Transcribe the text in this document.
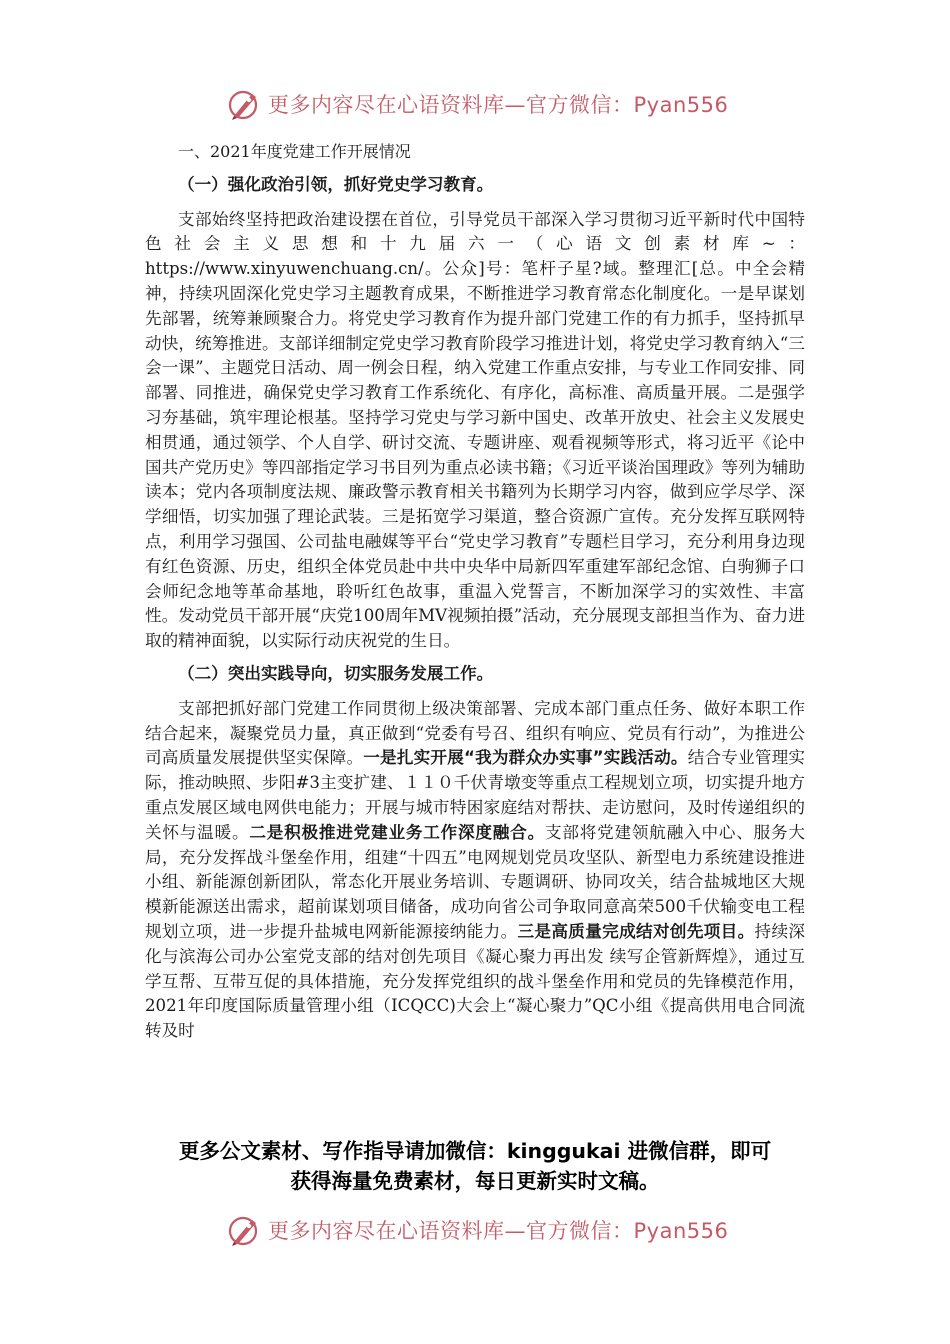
更多内容尽在心语资料库—官方微信：Pyan556

一、2021年度党建工作开展情况

（一）强化政治引领，抓好党史学习教育。

支部始终坚持把政治建设摆在首位，引导党员干部深入学习贯彻习近平新时代中国特色社会主义思想和十九届六一（心语文创素材库~：https://www.xinyuwenchuang.cn/。公众]号：笔杆子星?域。整理汇[总。中全会精神，持续巩固深化党史学习主题教育成果，不断推进学习教育常态化制度化。一是早谋划先部署，统筹兼顾聚合力。将党史学习教育作为提升部门党建工作的有力抓手，坚持抓早动快，统筹推进。支部详细制定党史学习教育阶段学习推进计划，将党史学习教育纳入“三会一课”、主题党日活动、周一例会日程，纳入党建工作重点安排，与专业工作同安排、同部署、同推进，确保党史学习教育工作系统化、有序化，高标准、高质量开展。二是强学习夯基础，筑牢理论根基。坚持学习党史与学习新中国史、改革开放史、社会主义发展史相贯通，通过领学、个人自学、研讨交流、专题讲座、观看视频等形式，将习近平《论中国共产党历史》等四部指定学习书目列为重点必读书籍；《习近平谈治国理政》等列为辅助读本；党内各项制度法规、廉政警示教育相关书籍列为长期学习内容，做到应学尽学、深学细悟，切实加强了理论武装。三是拓宽学习渠道，整合资源广宣传。充分发挥互联网特点，利用学习强国、公司盐电融媒等平台“党史学习教育”专题栏目学习，充分利用身边现有红色资源、历史，组织全体党员赴中共中央华中局新四军重建军部纪念馆、白驹狮子口会师纪念地等革命基地，聆听红色故事，重温入党誓言，不断加深学习的实效性、丰富性。发动党员干部开展“庆党100周年MV视频拍摄”活动，充分展现支部担当作为、奋力进取的精神面貌，以实际行动庆祝党的生日。

（二）突出实践导向，切实服务发展工作。

支部把抓好部门党建工作同贯彻上级决策部署、完成本部门重点任务、做好本职工作结合起来，凝聚党员力量，真正做到“党委有号召、组织有响应、党员有行动”，为推进公司高质量发展提供坚实保障。一是扎实开展“我为群众办实事”实践活动。结合专业管理实际，推动映照、步阳#3主变扩建、１１０千伏青墩变等重点工程规划立项，切实提升地方重点发展区域电网供电能力；开展与城市特困家庭结对帮扶、走访慰问，及时传递组织的关怀与温暖。二是积极推进党建业务工作深度融合。支部将党建领航融入中心、服务大局，充分发挥战斗堡垒作用，组建“十四五”电网规划党员攻坚队、新型电力系统建设推进小组、新能源创新团队，常态化开展业务培训、专题调研、协同攻关，结合盐城地区大规模新能源送出需求，超前谋划项目储备，成功向省公司争取同意高荣500千伏输变电工程规划立项，进一步提升盐城电网新能源接纳能力。三是高质量完成结对创先项目。持续深化与滨海公司办公室党支部的结对创先项目《凝心聚力再出发 续写企管新辉煌》，通过互学互帮、互带互促的具体措施，充分发挥党组织的战斗堡垒作用和党员的先锋模范作用，2021年印度国际质量管理小组（ICQCC)大会上“凝心聚力”QC小组《提高供用电合同流转及时

更多公文素材、写作指导请加微信：kinggukai 进微信群，即可
获得海量免费素材，每日更新实时文稿。
更多内容尽在心语资料库—官方微信：Pyan556
